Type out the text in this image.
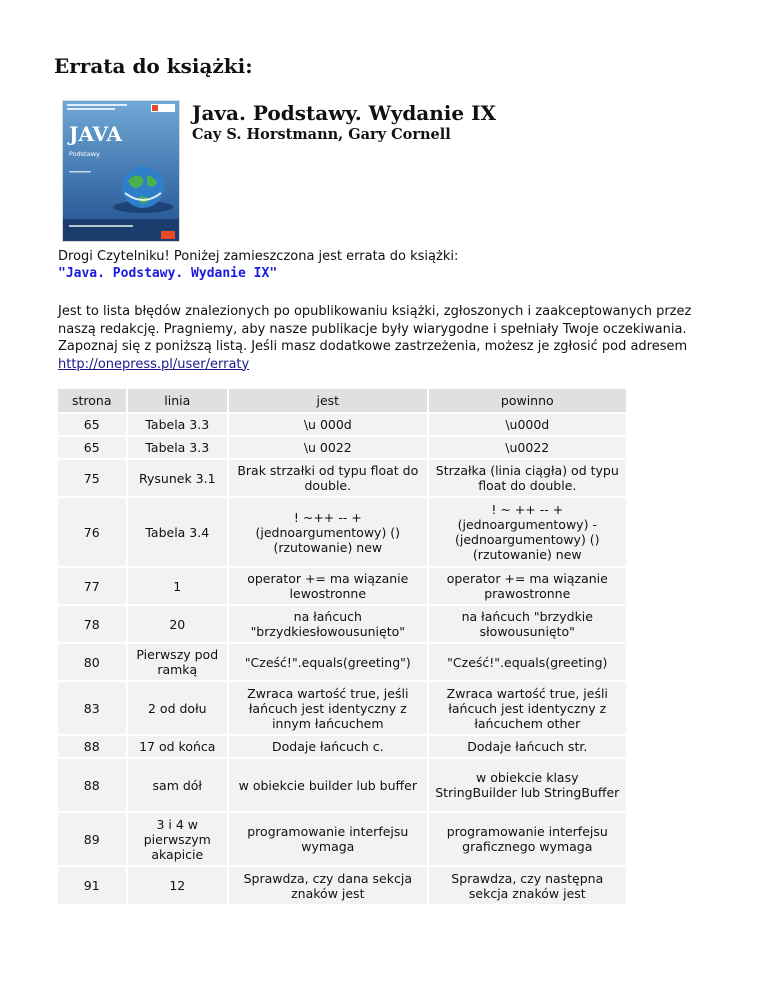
Errata do książki:
JAVA
Podstawy
Java. Podstawy. Wydanie IX

Cay S. Horstmann, Gary Cornell

Drogi Czytelniku! Poniżej zamieszczona jest errata do książki:
"Java. Podstawy. Wydanie IX"
Jest to lista błędów znalezionych po opublikowaniu książki, zgłoszonych i zaakceptowanych przez naszą redakcję. Pragniemy, aby nasze publikacje były wiarygodne i spełniały Twoje oczekiwania. Zapoznaj się z poniższą listą. Jeśli masz dodatkowe zastrzeżenia, możesz je zgłosić pod adresem http://onepress.pl/user/erraty
strona	linia	jest	powinno
65	Tabela 3.3	\u 000d	\u000d
65	Tabela 3.3	\u 0022	\u0022
75	Rysunek 3.1	Brak strzałki od typu float do double.	Strzałka (linia ciągła) od typu float do double.
76	Tabela 3.4	! ~++ -- +(jednoargumentowy) ()(rzutowanie) new	! ~ ++ -- +(jednoargumentowy) -(jednoargumentowy) ()(rzutowanie) new
77	1	operator += ma wiązanie lewostronne	operator += ma wiązanie prawostronne
78	20	na łańcuch "brzydkiesłowousunięto"	na łańcuch "brzydkie słowousunięto"
80	Pierwszy pod ramką	"Cześć!".equals(greeting")	"Cześć!".equals(greeting)
83	2 od dołu	Zwraca wartość true, jeśli łańcuch jest identyczny z innym łańcuchem	Zwraca wartość true, jeśli łańcuch jest identyczny z łańcuchem other
88	17 od końca	Dodaje łańcuch c.	Dodaje łańcuch str.
88	sam dół	w obiekcie builder lub buffer	w obiekcie klasy StringBuilder lub StringBuffer
89	3 i 4 w pierwszym akapicie	programowanie interfejsu wymaga	programowanie interfejsu graficznego wymaga
91	12	Sprawdza, czy dana sekcja znaków jest	Sprawdza, czy następna sekcja znaków jest
